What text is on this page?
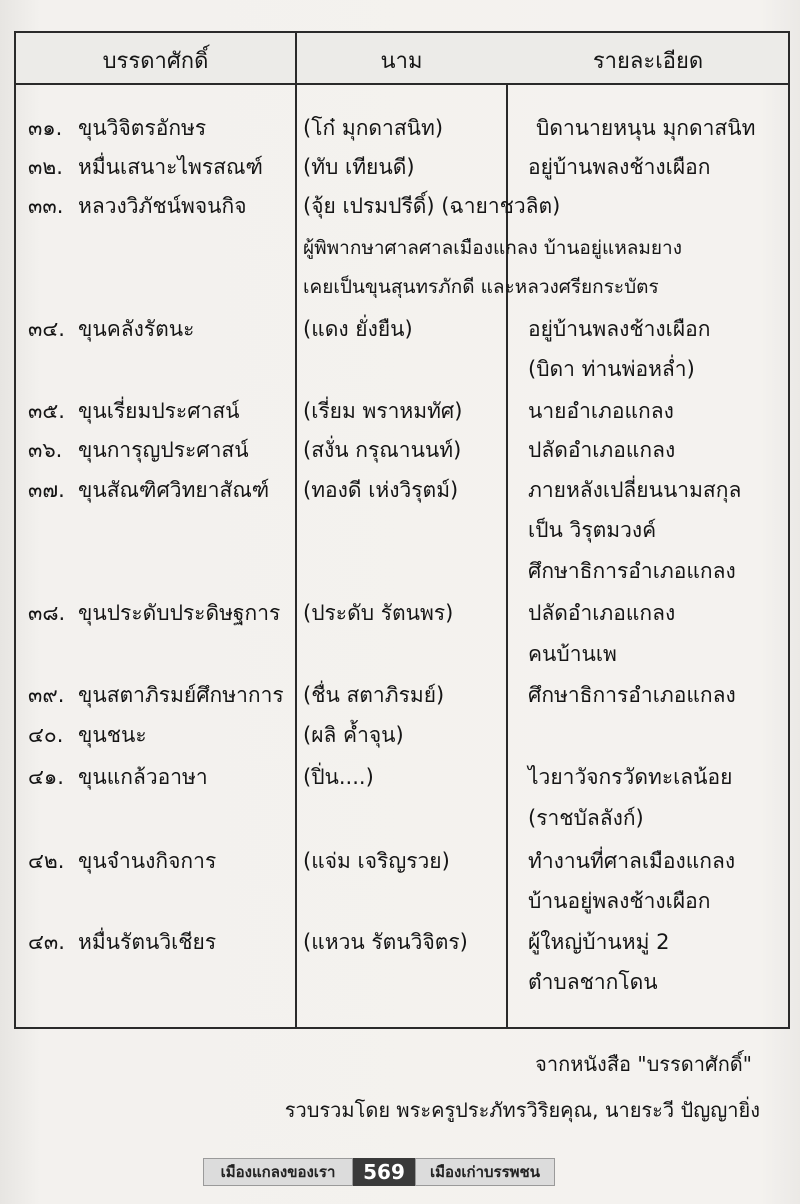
บรรดาศักดิ์	นาม	รายละเอียด
๓๑. ขุนวิจิตรอักษร	(โก๋ มุกดาสนิท)	บิดานายหนุน มุกดาสนิท
๓๒. หมื่นเสนาะไพรสณฑ์ (ทับ เทียนดี)	อยู่บ้านพลงช้างเผือก
๓๓. หลวงวิภัชน์พจนกิจ	(จุ้ย เปรมปรีดิ์) (ฉายาชวลิต)
ผู้พิพากษาศาลศาลเมืองแกลง บ้านอยู่แหลมยาง
เคยเป็นขุนสุนทรภักดี และหลวงศรียกระบัตร
๓๔. ขุนคลังรัตนะ	(แดง ยั่งยืน)	อยู่บ้านพลงช้างเผือก
(บิดา ท่านพ่อหล่ำ)
๓๕. ขุนเรี่ยมประศาสน์	(เรี่ยม พราหมทัศ)	นายอำเภอแกลง
๓๖. ขุนการุญประศาสน์	(สงั่น กรุณานนท์)	ปลัดอำเภอแกลง
๓๗. ขุนสัณฑิศวิทยาสัณฑ์ (ทองดี เห่งวิรุตม์)	ภายหลังเปลี่ยนนามสกุล
เป็น วิรุตมวงค์
ศึกษาธิการอำเภอแกลง
๓๘. ขุนประดับประดิษฐการ (ประดับ รัตนพร)	ปลัดอำเภอแกลง
คนบ้านเพ
๓๙. ขุนสตาภิรมย์ศึกษาการ (ชื่น สตาภิรมย์)	ศึกษาธิการอำเภอแกลง
๔๐. ขุนชนะ	(ผลิ ค้ำจุน)
๔๑. ขุนแกล้วอาษา	(ปิ่น....)	ไวยาวัจกรวัดทะเลน้อย
(ราชบัลลังก์)
๔๒. ขุนจำนงกิจการ	(แจ่ม เจริญรวย)	ทำงานที่ศาลเมืองแกลง
บ้านอยู่พลงช้างเผือก
๔๓. หมื่นรัตนวิเชียร	(แหวน รัตนวิจิตร)	ผู้ใหญ่บ้านหมู่ 2
ตำบลชากโดน
จากหนังสือ "บรรดาศักดิ์"
รวบรวมโดย พระครูประภัทรวิริยคุณ, นายระวี ปัญญายิ่ง
เมืองแกลงของเรา	569	เมืองเก่าบรรพชน
